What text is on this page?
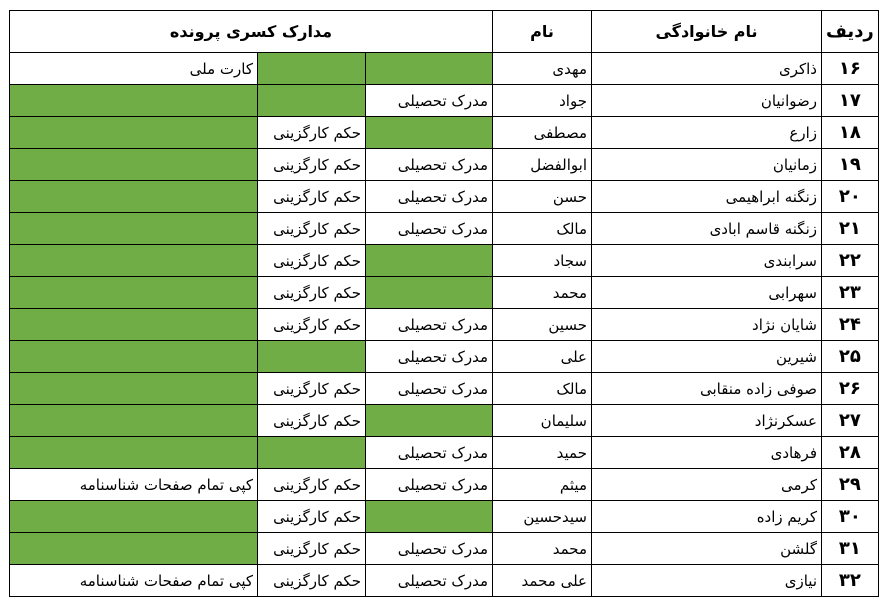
ردیف	نام خانوادگی	نام	مدارک کسری پرونده		
۱۶	ذاکری	مهدی			کارت ملی
۱۷	رضوانیان	جواد	مدرک تحصیلی		
۱۸	زارع	مصطفی		حکم کارگزینی	
۱۹	زمانیان	ابوالفضل	مدرک تحصیلی	حکم کارگزینی	
۲۰	زنگنه ابراهیمی	حسن	مدرک تحصیلی	حکم کارگزینی	
۲۱	زنگنه قاسم ابادی	مالک	مدرک تحصیلی	حکم کارگزینی	
۲۲	سرابندی	سجاد		حکم کارگزینی	
۲۳	سهرابی	محمد		حکم کارگزینی	
۲۴	شایان نژاد	حسین	مدرک تحصیلی	حکم کارگزینی	
۲۵	شیرین	علی	مدرک تحصیلی		
۲۶	صوفی زاده منقابی	مالک	مدرک تحصیلی	حکم کارگزینی	
۲۷	عسکرنژاد	سلیمان		حکم کارگزینی	
۲۸	فرهادی	حمید	مدرک تحصیلی		
۲۹	کرمی	میثم	مدرک تحصیلی	حکم کارگزینی	کپی تمام صفحات شناسنامه
۳۰	کریم زاده	سیدحسین		حکم کارگزینی	
۳۱	گلشن	محمد	مدرک تحصیلی	حکم کارگزینی	
۳۲	نیازی	علی محمد	مدرک تحصیلی	حکم کارگزینی	کپی تمام صفحات شناسنامه
